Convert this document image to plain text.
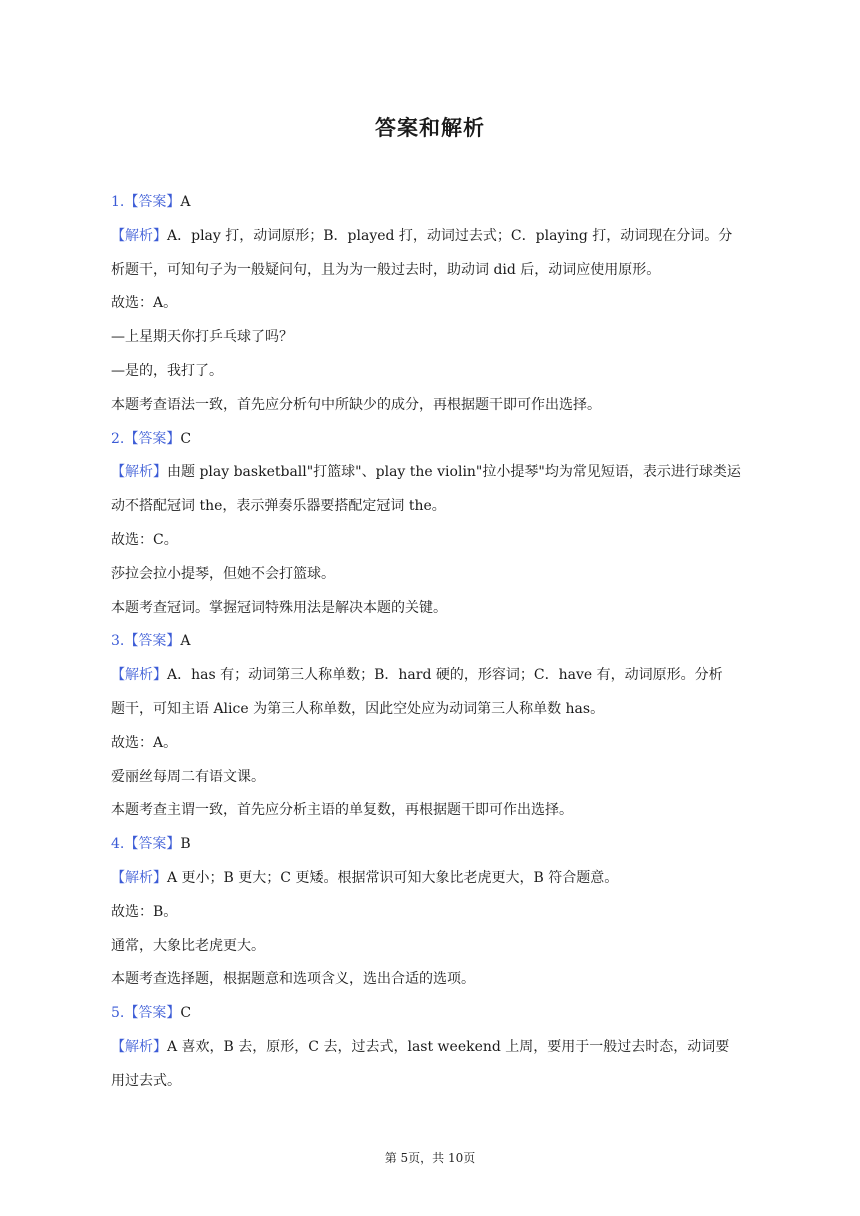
答案和解析
1.【答案】A
【解析】A．play 打，动词原形；B．played 打，动词过去式；C．playing 打，动词现在分词。分
析题干，可知句子为一般疑问句，且为为一般过去时，助动词 did 后，动词应使用原形。
故选：A。
—上星期天你打乒乓球了吗？
—是的，我打了。
本题考查语法一致，首先应分析句中所缺少的成分，再根据题干即可作出选择。
2.【答案】C
【解析】由题 play basketball"打篮球"、play the violin"拉小提琴"均为常见短语，表示进行球类运
动不搭配冠词 the，表示弹奏乐器要搭配定冠词 the。
故选：C。
莎拉会拉小提琴，但她不会打篮球。
本题考查冠词。掌握冠词特殊用法是解决本题的关键。
3.【答案】A
【解析】A．has 有；动词第三人称单数；B．hard 硬的，形容词；C．have 有，动词原形。分析
题干，可知主语 Alice 为第三人称单数，因此空处应为动词第三人称单数 has。
故选：A。
爱丽丝每周二有语文课。
本题考查主谓一致，首先应分析主语的单复数，再根据题干即可作出选择。
4.【答案】B
【解析】A 更小；B 更大；C 更矮。根据常识可知大象比老虎更大，B 符合题意。
故选：B。
通常，大象比老虎更大。
本题考查选择题，根据题意和选项含义，选出合适的选项。
5.【答案】C
【解析】A 喜欢，B 去，原形，C 去，过去式，last weekend 上周，要用于一般过去时态，动词要
用过去式。
第 5页，共 10页
